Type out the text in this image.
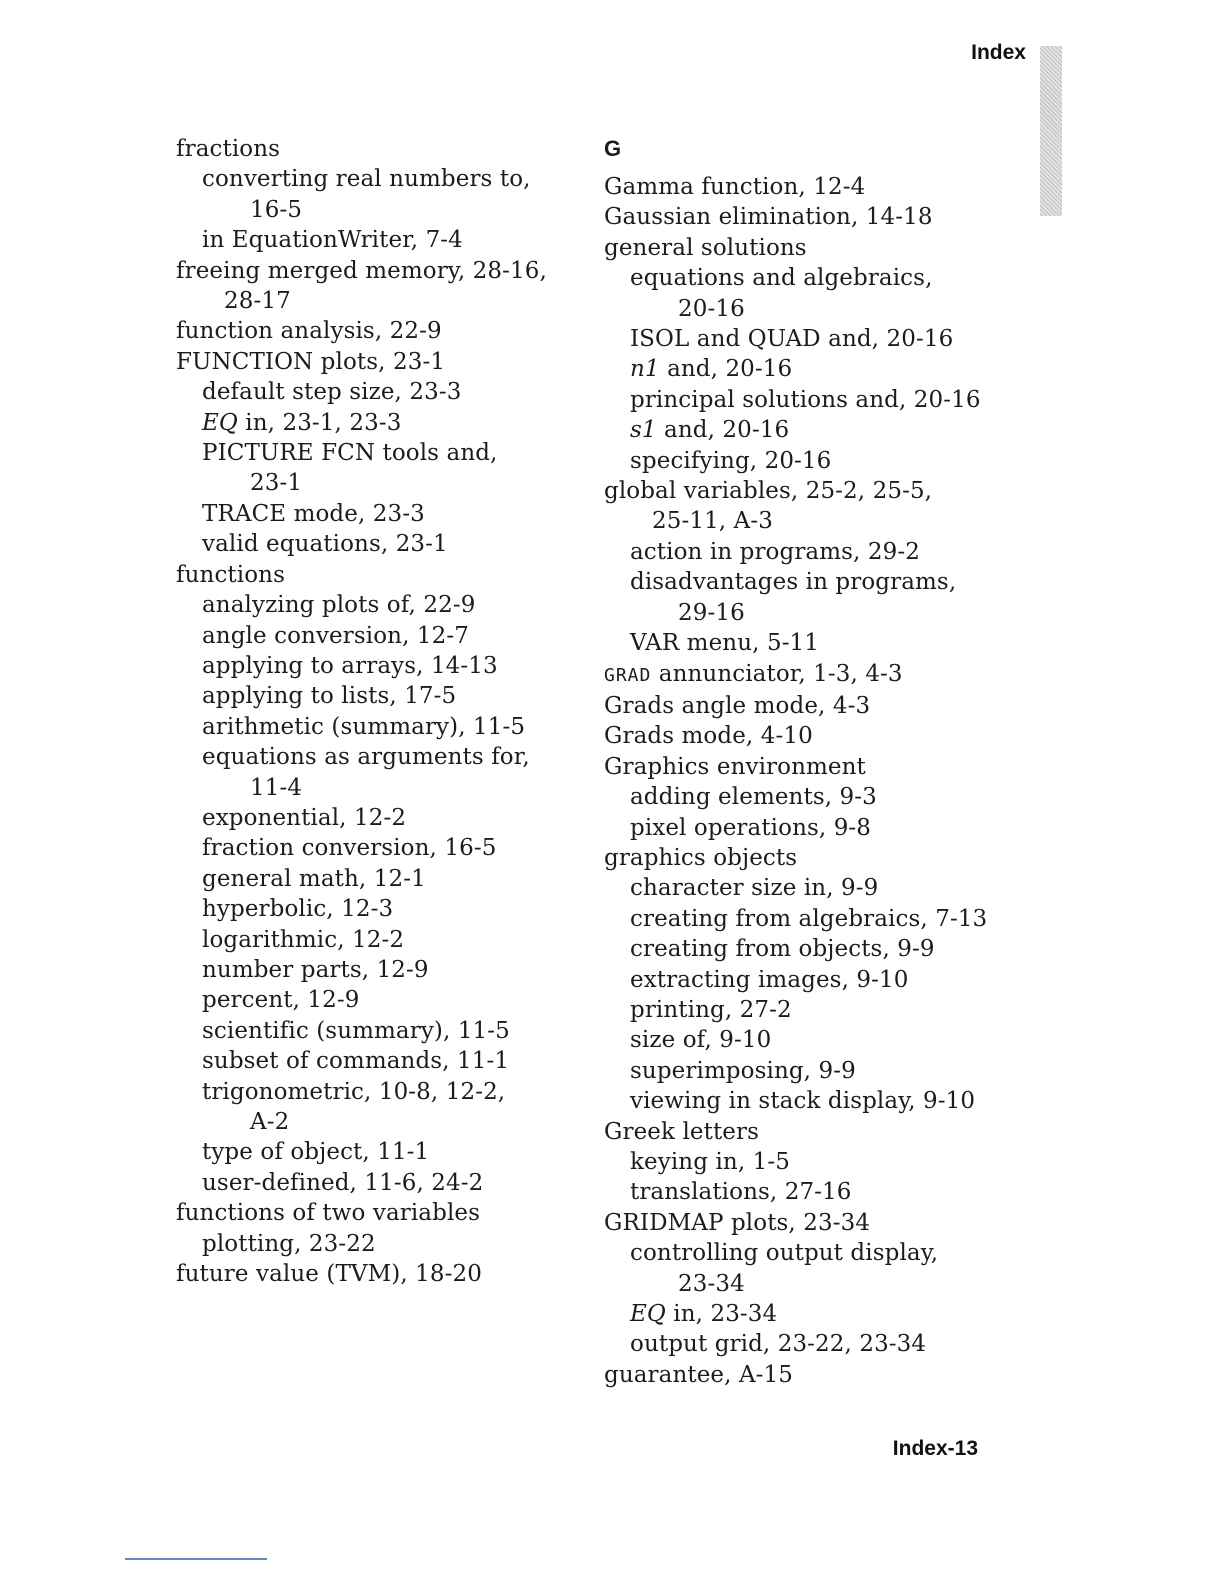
Index
fractions
converting real numbers to,
16-5
in EquationWriter, 7-4
freeing merged memory, 28-16,
28-17
function analysis, 22-9
FUNCTION plots, 23-1
default step size, 23-3
EQ in, 23-1, 23-3
PICTURE FCN tools and,
23-1
TRACE mode, 23-3
valid equations, 23-1
functions
analyzing plots of, 22-9
angle conversion, 12-7
applying to arrays, 14-13
applying to lists, 17-5
arithmetic (summary), 11-5
equations as arguments for,
11-4
exponential, 12-2
fraction conversion, 16-5
general math, 12-1
hyperbolic, 12-3
logarithmic, 12-2
number parts, 12-9
percent, 12-9
scientific (summary), 11-5
subset of commands, 11-1
trigonometric, 10-8, 12-2,
A-2
type of object, 11-1
user-defined, 11-6, 24-2
functions of two variables
plotting, 23-22
future value (TVM), 18-20
G
Gamma function, 12-4
Gaussian elimination, 14-18
general solutions
equations and algebraics,
20-16
ISOL and QUAD and, 20-16
n1 and, 20-16
principal solutions and, 20-16
s1 and, 20-16
specifying, 20-16
global variables, 25-2, 25-5,
25-11, A-3
action in programs, 29-2
disadvantages in programs,
29-16
VAR menu, 5-11
GRAD annunciator, 1-3, 4-3
Grads angle mode, 4-3
Grads mode, 4-10
Graphics environment
adding elements, 9-3
pixel operations, 9-8
graphics objects
character size in, 9-9
creating from algebraics, 7-13
creating from objects, 9-9
extracting images, 9-10
printing, 27-2
size of, 9-10
superimposing, 9-9
viewing in stack display, 9-10
Greek letters
keying in, 1-5
translations, 27-16
GRIDMAP plots, 23-34
controlling output display,
23-34
EQ in, 23-34
output grid, 23-22, 23-34
guarantee, A-15
Index-13
